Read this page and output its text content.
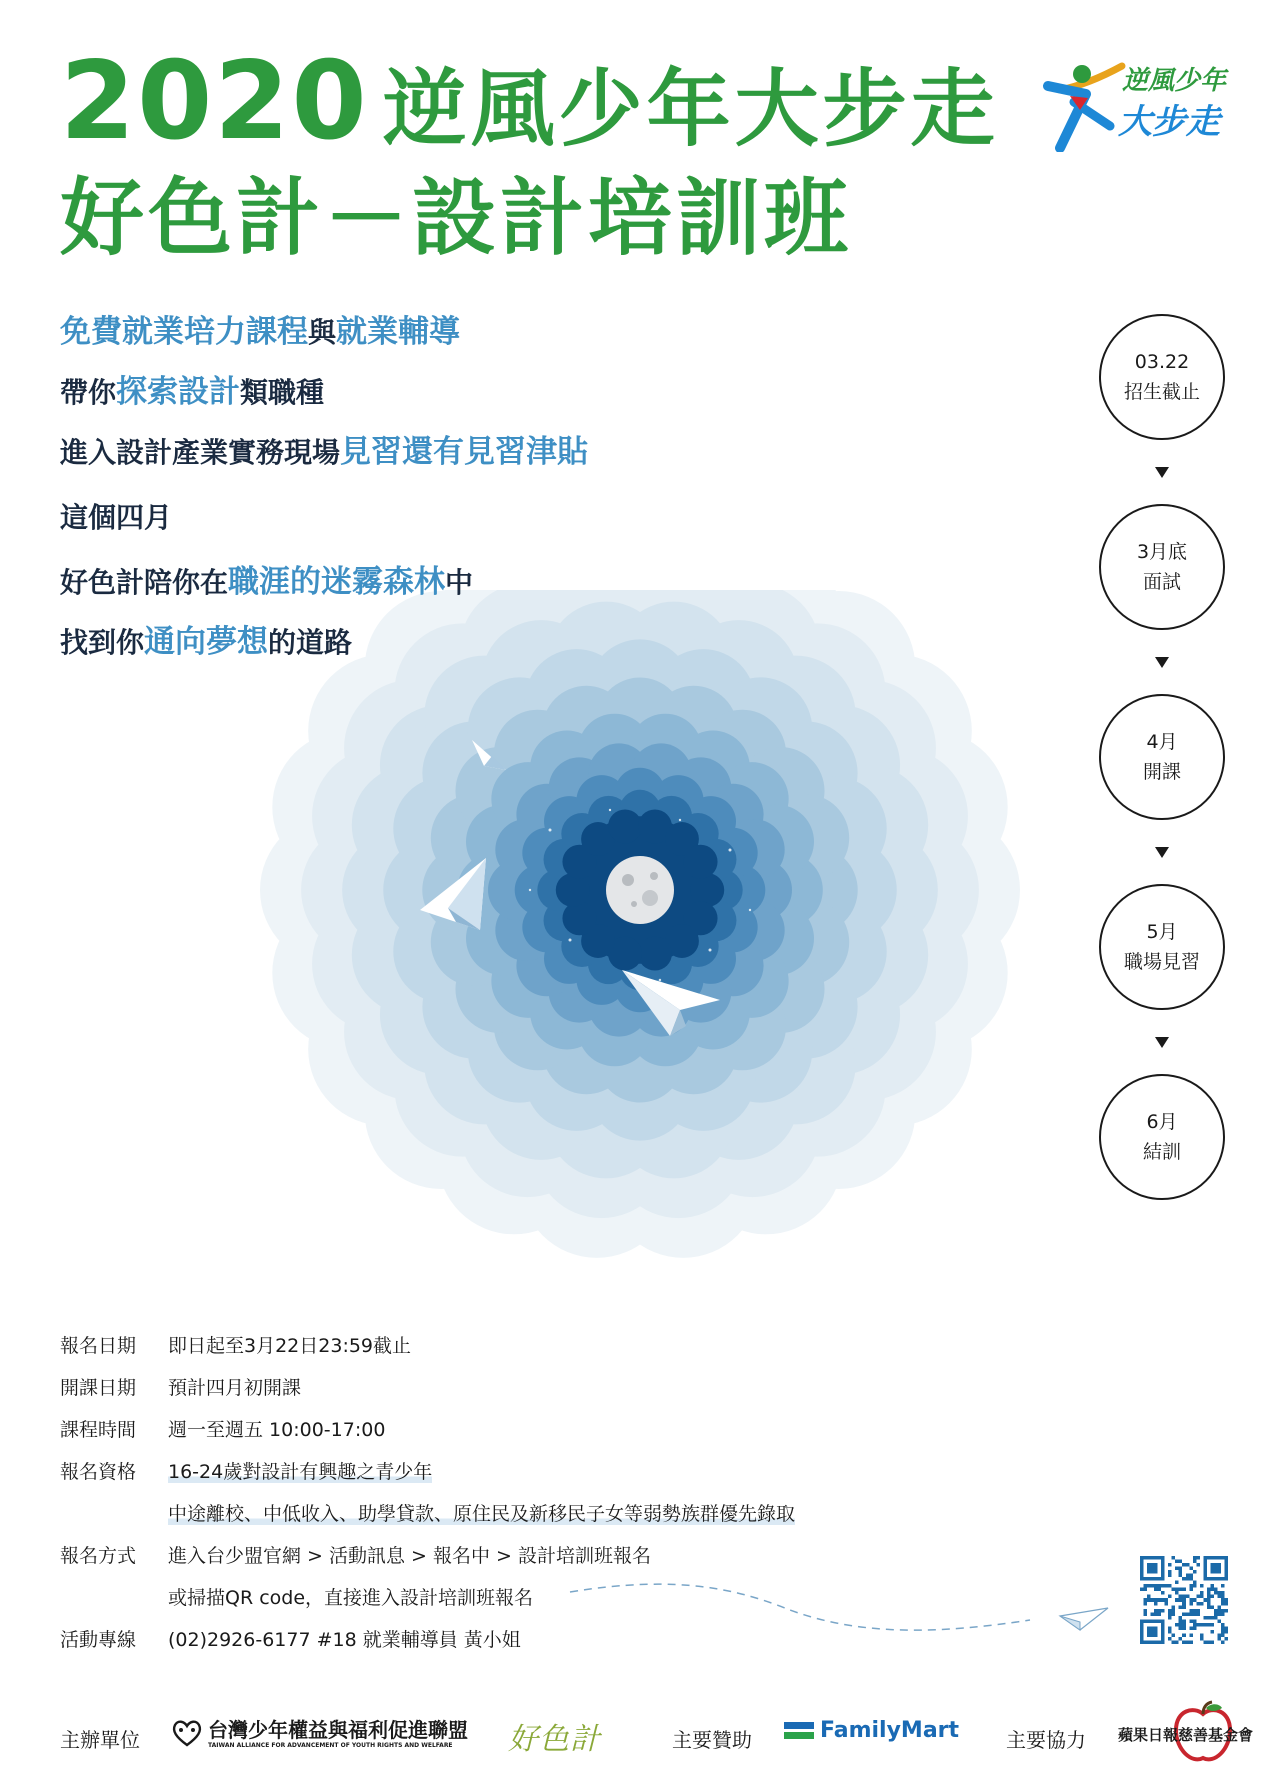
2020 逆風少年大步走
好色計－設計培訓班
逆風少年
大步走
免費就業培力課程與就業輔導
帶你探索設計類職種
進入設計產業實務現場見習還有見習津貼
這個四月
好色計陪你在職涯的迷霧森林中
找到你通向夢想的道路
03.22
招生截止
3月底
面試
4月
開課
5月
職場見習
6月
結訓
報名日期 即日起至3月22日23:59截止
開課日期 預計四月初開課
課程時間 週一至週五 10:00-17:00
報名資格 16-24歲對設計有興趣之青少年
中途離校、中低收入、助學貸款、原住民及新移民子女等弱勢族群優先錄取
報名方式 進入台少盟官網 > 活動訊息 > 報名中 > 設計培訓班報名
或掃描QR code，直接進入設計培訓班報名
活動專線 (02)2926-6177 #18 就業輔導員 黃小姐
主辦單位	台灣少年權益與福利促進聯盟
TAIWAN ALLIANCE FOR ADVANCEMENT OF YOUTH RIGHTS AND WELFARE 好色計	主要贊助	FamilyMart 主要協力 蘋果日報慈善基金會
